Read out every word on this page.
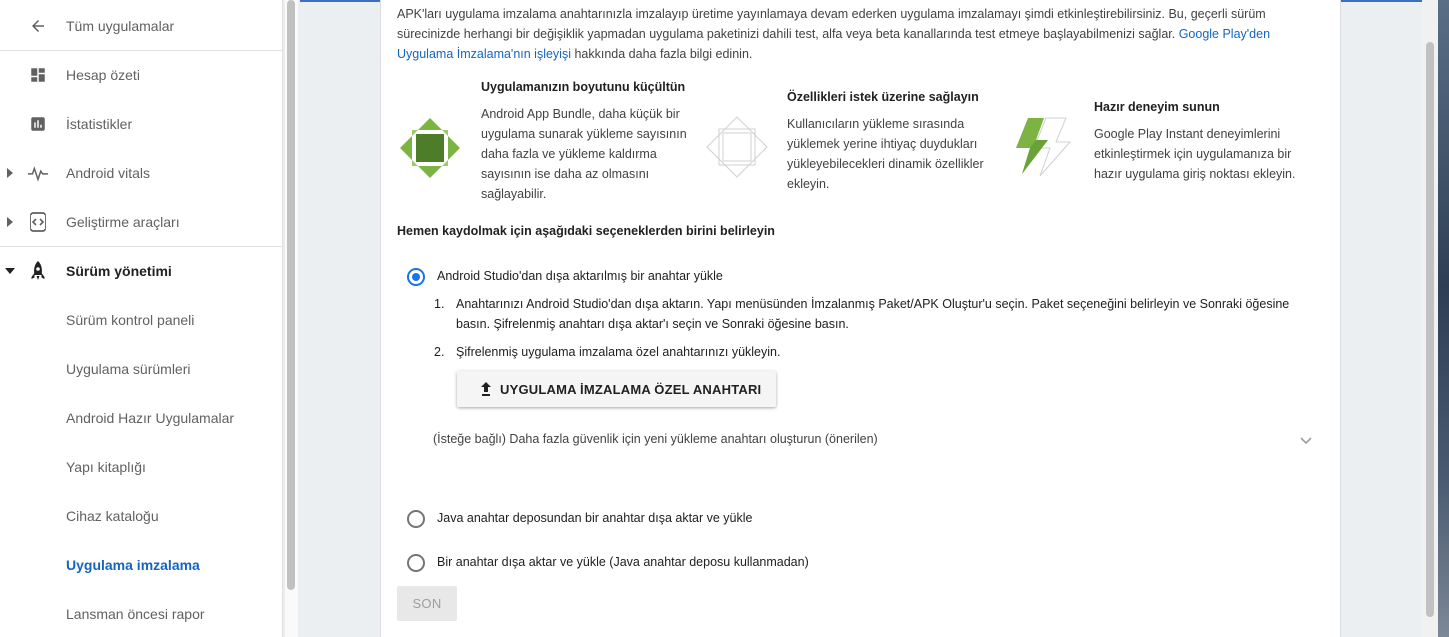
Tüm uygulamalar
Hesap özeti
İstatistikler
Android vitals
Geliştirme araçları
Sürüm yönetimi
Sürüm kontrol paneli
Uygulama sürümleri
Android Hazır Uygulamalar
Yapı kitaplığı
Cihaz kataloğu
Uygulama imzalama
Lansman öncesi rapor
APK'ları uygulama imzalama anahtarınızla imzalayıp üretime yayınlamaya devam ederken uygulama imzalamayı şimdi etkinleştirebilirsiniz. Bu, geçerli sürüm
sürecinizde herhangi bir değişiklik yapmadan uygulama paketinizi dahili test, alfa veya beta kanallarında test etmeye başlayabilmenizi sağlar. Google Play'den
Uygulama İmzalama'nın işleyişi hakkında daha fazla bilgi edinin.
Uygulamanızın boyutunu küçültün
Android App Bundle, daha küçük bir
uygulama sunarak yükleme sayısının
daha fazla ve yükleme kaldırma
sayısının ise daha az olmasını
sağlayabilir.
Özellikleri istek üzerine sağlayın
Kullanıcıların yükleme sırasında
yüklemek yerine ihtiyaç duydukları
yükleyebilecekleri dinamik özellikler
ekleyin.
Hazır deneyim sunun
Google Play Instant deneyimlerini
etkinleştirmek için uygulamanıza bir
hazır uygulama giriş noktası ekleyin.
Hemen kaydolmak için aşağıdaki seçeneklerden birini belirleyin
Android Studio'dan dışa aktarılmış bir anahtar yükle
1. Anahtarınızı Android Studio'dan dışa aktarın. Yapı menüsünden İmzalanmış Paket/APK Oluştur'u seçin. Paket seçeneğini belirleyin ve Sonraki öğesine
basın. Şifrelenmiş anahtarı dışa aktar'ı seçin ve Sonraki öğesine basın.
2. Şifrelenmiş uygulama imzalama özel anahtarınızı yükleyin.
UYGULAMA İMZALAMA ÖZEL ANAHTARI
(İsteğe bağlı) Daha fazla güvenlik için yeni yükleme anahtarı oluşturun (önerilen)
Java anahtar deposundan bir anahtar dışa aktar ve yükle
Bir anahtar dışa aktar ve yükle (Java anahtar deposu kullanmadan)
SON
